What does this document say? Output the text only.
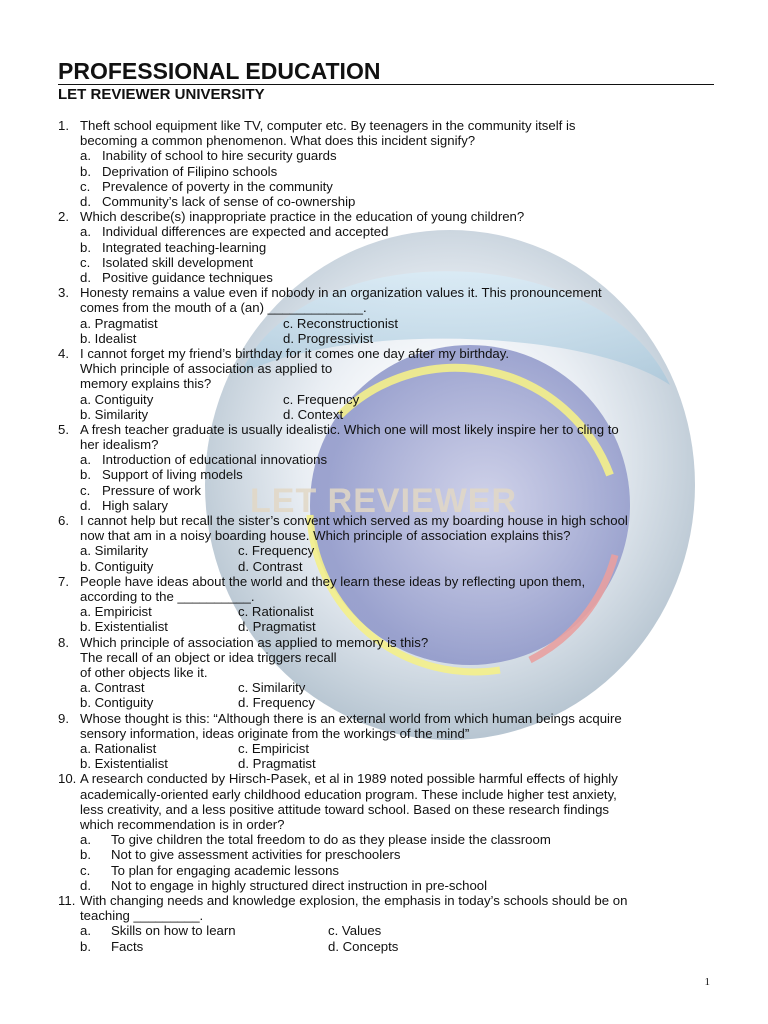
LET REVIEWER
PROFESSIONAL EDUCATION
LET REVIEWER UNIVERSITY
1. Theft school equipment like TV, computer etc. By teenagers in the community itself is
becoming a common phenomenon. What does this incident signify?
a. Inability of school to hire security guards
b. Deprivation of Filipino schools
c. Prevalence of poverty in the community
d. Community’s lack of sense of co-ownership
2. Which describe(s) inappropriate practice in the education of young children?
a. Individual differences are expected and accepted
b. Integrated teaching-learning
c. Isolated skill development
d. Positive guidance techniques
3. Honesty remains a value even if nobody in an organization values it. This pronouncement
comes from the mouth of a (an) _____________.
a. Pragmatist	c. Reconstructionist
b. Idealist	d. Progressivist
4. I cannot forget my friend’s birthday for it comes one day after my birthday.
Which principle of association as applied to
memory explains this?
a. Contiguity	c. Frequency
b. Similarity	d. Context
5. A fresh teacher graduate is usually idealistic. Which one will most likely inspire her to cling to
her idealism?
a. Introduction of educational innovations
b. Support of living models
c. Pressure of work
d. High salary
6. I cannot help but recall the sister’s convent which served as my boarding house in high school
now that am in a noisy boarding house. Which principle of association explains this?
a. Similarity	c. Frequency
b. Contiguity	d. Contrast
7. People have ideas about the world and they learn these ideas by reflecting upon them,
according to the __________.
a. Empiricist	c. Rationalist
b. Existentialist	d. Pragmatist
8. Which principle of association as applied to memory is this?
The recall of an object or idea triggers recall
of other objects like it.
a. Contrast	c. Similarity
b. Contiguity	d. Frequency
9. Whose thought is this: “Although there is an external world from which human beings acquire
sensory information, ideas originate from the workings of the mind”
a. Rationalist	c. Empiricist
b. Existentialist	d. Pragmatist
10. A research conducted by Hirsch-Pasek, et al in 1989 noted possible harmful effects of highly
academically-oriented early childhood education program. These include higher test anxiety,
less creativity, and a less positive attitude toward school. Based on these research findings
which recommendation is in order?
a. To give children the total freedom to do as they please inside the classroom
b. Not to give assessment activities for preschoolers
c. To plan for engaging academic lessons
d. Not to engage in highly structured direct instruction in pre-school
11. With changing needs and knowledge explosion, the emphasis in today’s schools should be on
teaching _________.
a. Skills on how to learn	c. Values
b. Facts	d. Concepts
1
